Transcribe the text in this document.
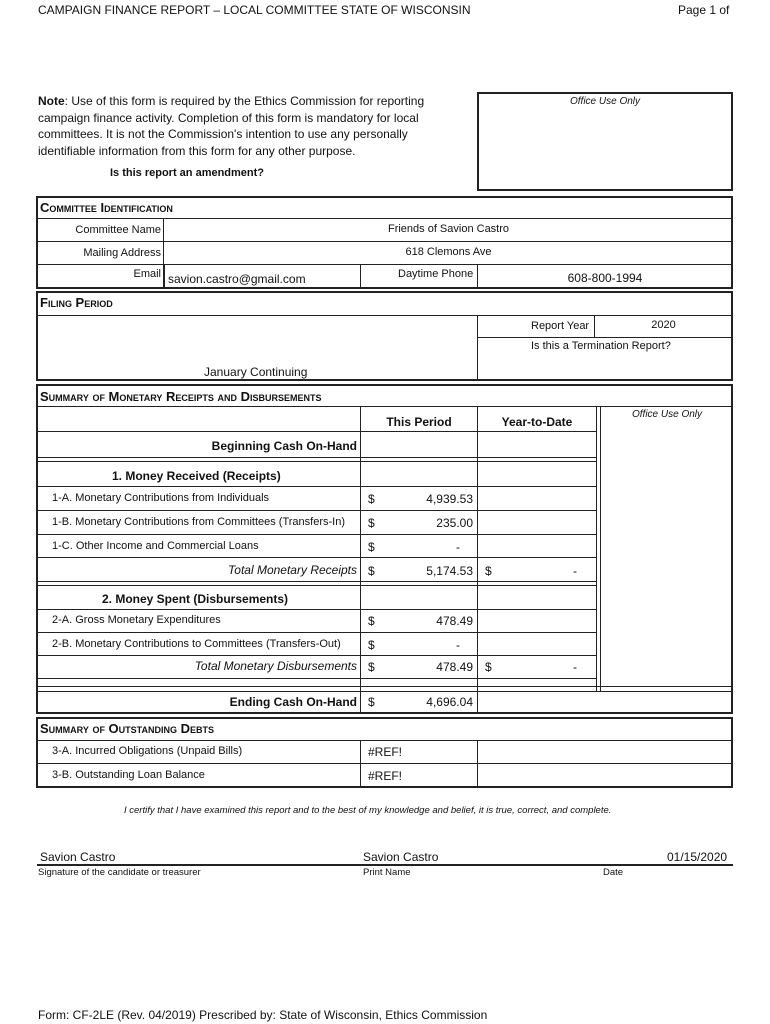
CAMPAIGN FINANCE REPORT – LOCAL COMMITTEE STATE OF WISCONSIN	Page 1 of
Note: Use of this form is required by the Ethics Commission for reporting
campaign finance activity. Completion of this form is mandatory for local
committees. It is not the Commission's intention to use any personally
identifiable information from this form for any other purpose.
Is this report an amendment?
Office Use Only
Committee Identification
Committee Name	Friends of Savion Castro
Mailing Address	618 Clemons Ave
Email savion.castro@gmail.com	Daytime Phone	608-800-1994
Filing Period
Report Year	2020
Is this a Termination Report?
January Continuing
Summary of Monetary Receipts and Disbursements
Office Use Only
This Period	Year-to-Date
Beginning Cash On-Hand
1. Money Received (Receipts)
1-A. Monetary Contributions from Individuals	$	4,939.53
1-B. Monetary Contributions from Committees (Transfers-In) $	235.00
1-C. Other Income and Commercial Loans	$	-
Total Monetary Receipts $	5,174.53 $	-
2. Money Spent (Disbursements)
2-A. Gross Monetary Expenditures	$	478.49
2-B. Monetary Contributions to Committees (Transfers-Out) $	-
Total Monetary Disbursements $	478.49 $	-
Ending Cash On-Hand $	4,696.04
Summary of Outstanding Debts
3-A. Incurred Obligations (Unpaid Bills)	#REF!
3-B. Outstanding Loan Balance	#REF!
I certify that I have examined this report and to the best of my knowledge and belief, it is true, correct, and complete.
Savion Castro	Savion Castro	01/15/2020
Signature of the candidate or treasurer	Print Name	Date
Form: CF-2LE (Rev. 04/2019) Prescribed by: State of Wisconsin, Ethics Commission
